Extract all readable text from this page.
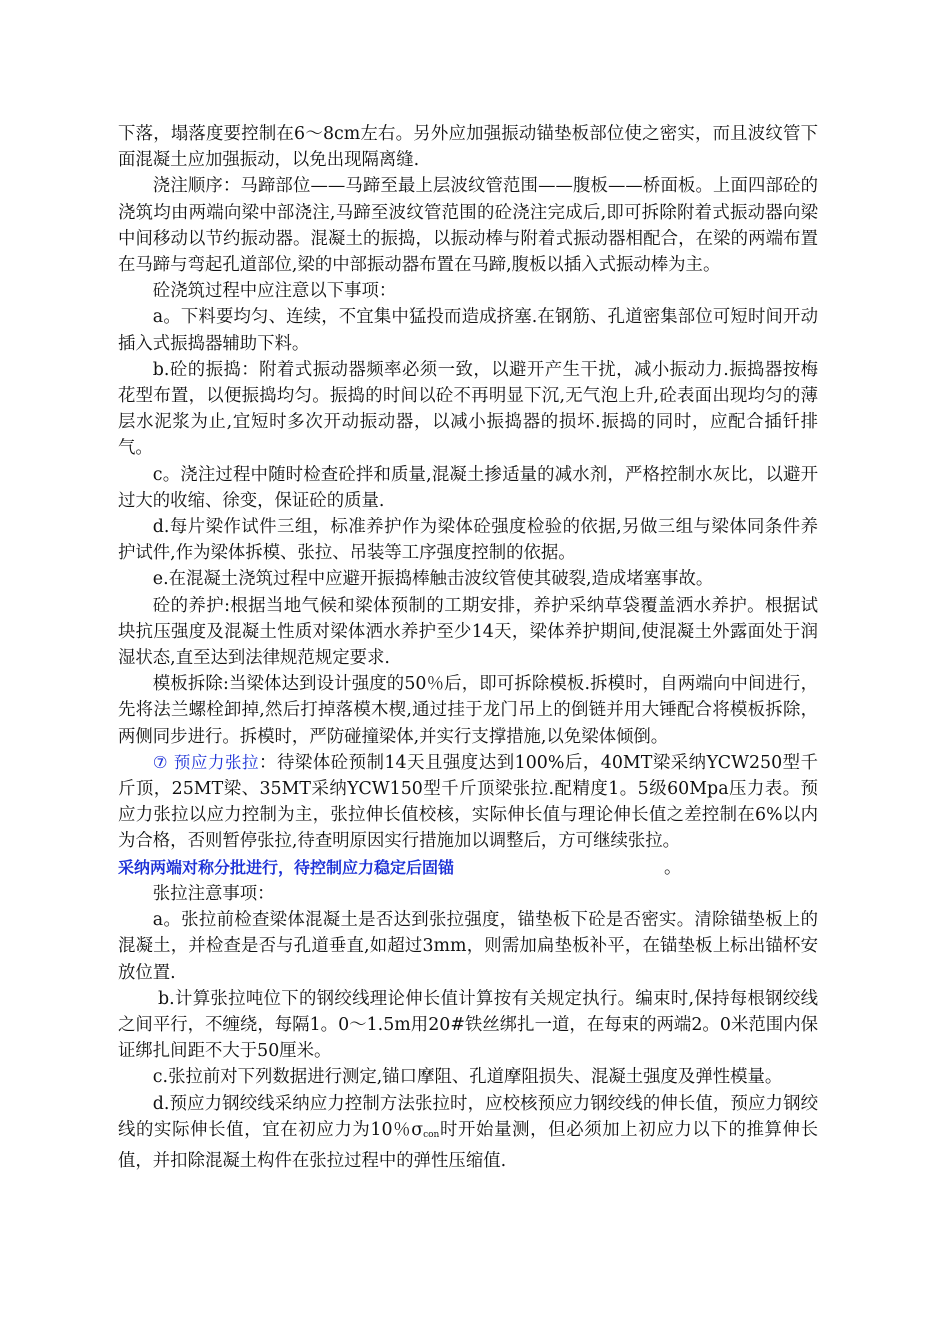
下落，塌落度要控制在6～8cm左右。另外应加强振动锚垫板部位使之密实，而且波纹管下面混凝土应加强振动，以免出现隔离缝.

浇注顺序：马蹄部位——马蹄至最上层波纹管范围——腹板——桥面板。上面四部砼的浇筑均由两端向梁中部浇注,马蹄至波纹管范围的砼浇注完成后,即可拆除附着式振动器向梁中间移动以节约振动器。混凝土的振捣，以振动棒与附着式振动器相配合，在梁的两端布置在马蹄与弯起孔道部位,梁的中部振动器布置在马蹄,腹板以插入式振动棒为主。

砼浇筑过程中应注意以下事项：

a。下料要均匀、连续，不宜集中猛投而造成挤塞.在钢筋、孔道密集部位可短时间开动插入式振捣器辅助下料。

b.砼的振捣：附着式振动器频率必须一致，以避开产生干扰，减小振动力.振捣器按梅花型布置，以便振捣均匀。振捣的时间以砼不再明显下沉,无气泡上升,砼表面出现均匀的薄层水泥浆为止,宜短时多次开动振动器，以减小振捣器的损坏.振捣的同时，应配合插钎排气。

c。浇注过程中随时检查砼拌和质量,混凝土掺适量的减水剂，严格控制水灰比，以避开过大的收缩、徐变，保证砼的质量.

d.每片梁作试件三组，标准养护作为梁体砼强度检验的依据,另做三组与梁体同条件养护试件,作为梁体拆模、张拉、吊装等工序强度控制的依据。

e.在混凝土浇筑过程中应避开振捣棒触击波纹管使其破裂,造成堵塞事故。

砼的养护:根据当地气候和梁体预制的工期安排，养护采纳草袋覆盖洒水养护。根据试块抗压强度及混凝土性质对梁体洒水养护至少14天，梁体养护期间,使混凝土外露面处于润湿状态,直至达到法律规范规定要求.

模板拆除:当梁体达到设计强度的50％后，即可拆除模板.拆模时，自两端向中间进行，先将法兰螺栓卸掉,然后打掉落模木楔,通过挂于龙门吊上的倒链并用大锤配合将模板拆除，两侧同步进行。拆模时，严防碰撞梁体,并实行支撑措施,以免梁体倾倒。

⑦ 预应力张拉：待梁体砼预制14天且强度达到100%后，40MT梁采纳YCW250型千斤顶，25MT梁、35MT采纳YCW150型千斤顶梁张拉.配精度1。5级60Mpa压力表。预应力张拉以应力控制为主，张拉伸长值校核，实际伸长值与理论伸长值之差控制在6%以内为合格，否则暂停张拉,待查明原因实行措施加以调整后，方可继续张拉。

采纳两端对称分批进行，待控制应力稳定后固锚	。

张拉注意事项：

a。张拉前检查梁体混凝土是否达到张拉强度，锚垫板下砼是否密实。清除锚垫板上的混凝土，并检查是否与孔道垂直,如超过3mm，则需加扁垫板补平，在锚垫板上标出锚杯安放位置.

b.计算张拉吨位下的钢绞线理论伸长值计算按有关规定执行。编束时,保持每根钢绞线之间平行，不缠绕，每隔1。0～1.5m用20#铁丝绑扎一道，在每束的两端2。0米范围内保证绑扎间距不大于50厘米。

c.张拉前对下列数据进行测定,锚口摩阻、孔道摩阻损失、混凝土强度及弹性模量。

d.预应力钢绞线采纳应力控制方法张拉时，应校核预应力钢绞线的伸长值，预应力钢绞线的实际伸长值，宜在初应力为10％$\sigma_{con}$时开始量测，但必须加上初应力以下的推算伸长值，并扣除混凝土构件在张拉过程中的弹性压缩值.
